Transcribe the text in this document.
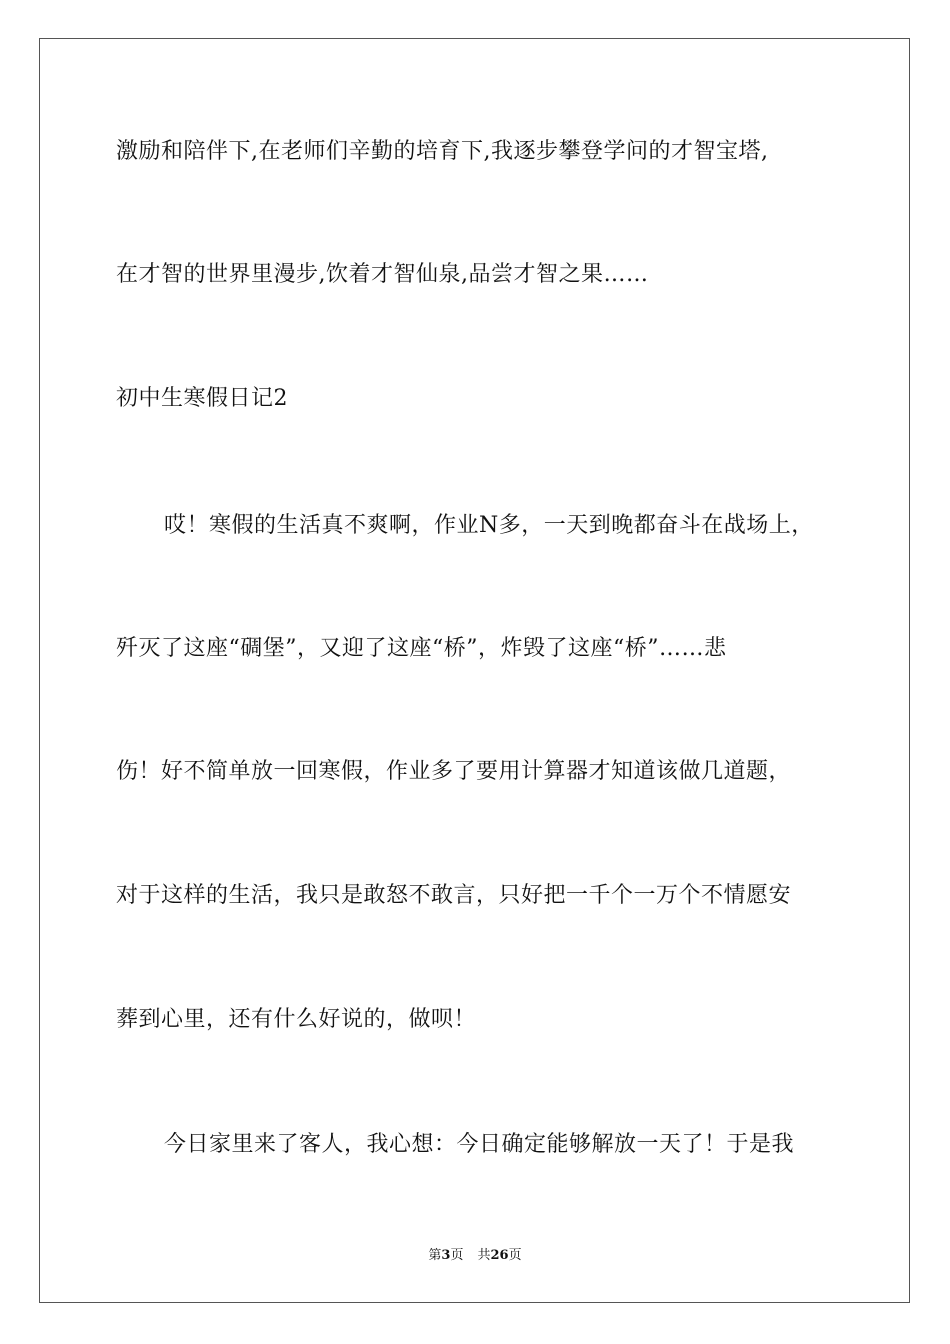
激励和陪伴下,在老师们辛勤的培育下,我逐步攀登学问的才智宝塔,
在才智的世界里漫步,饮着才智仙泉,品尝才智之果……
初中生寒假日记2
哎！寒假的生活真不爽啊，作业N多，一天到晚都奋斗在战场上，
歼灭了这座“碉堡”，又迎了这座“桥”，炸毁了这座“桥”……悲
伤！好不简单放一回寒假，作业多了要用计算器才知道该做几道题，
对于这样的生活，我只是敢怒不敢言，只好把一千个一万个不情愿安
葬到心里，还有什么好说的，做呗！
今日家里来了客人，我心想：今日确定能够解放一天了！于是我
第3页 共26页
